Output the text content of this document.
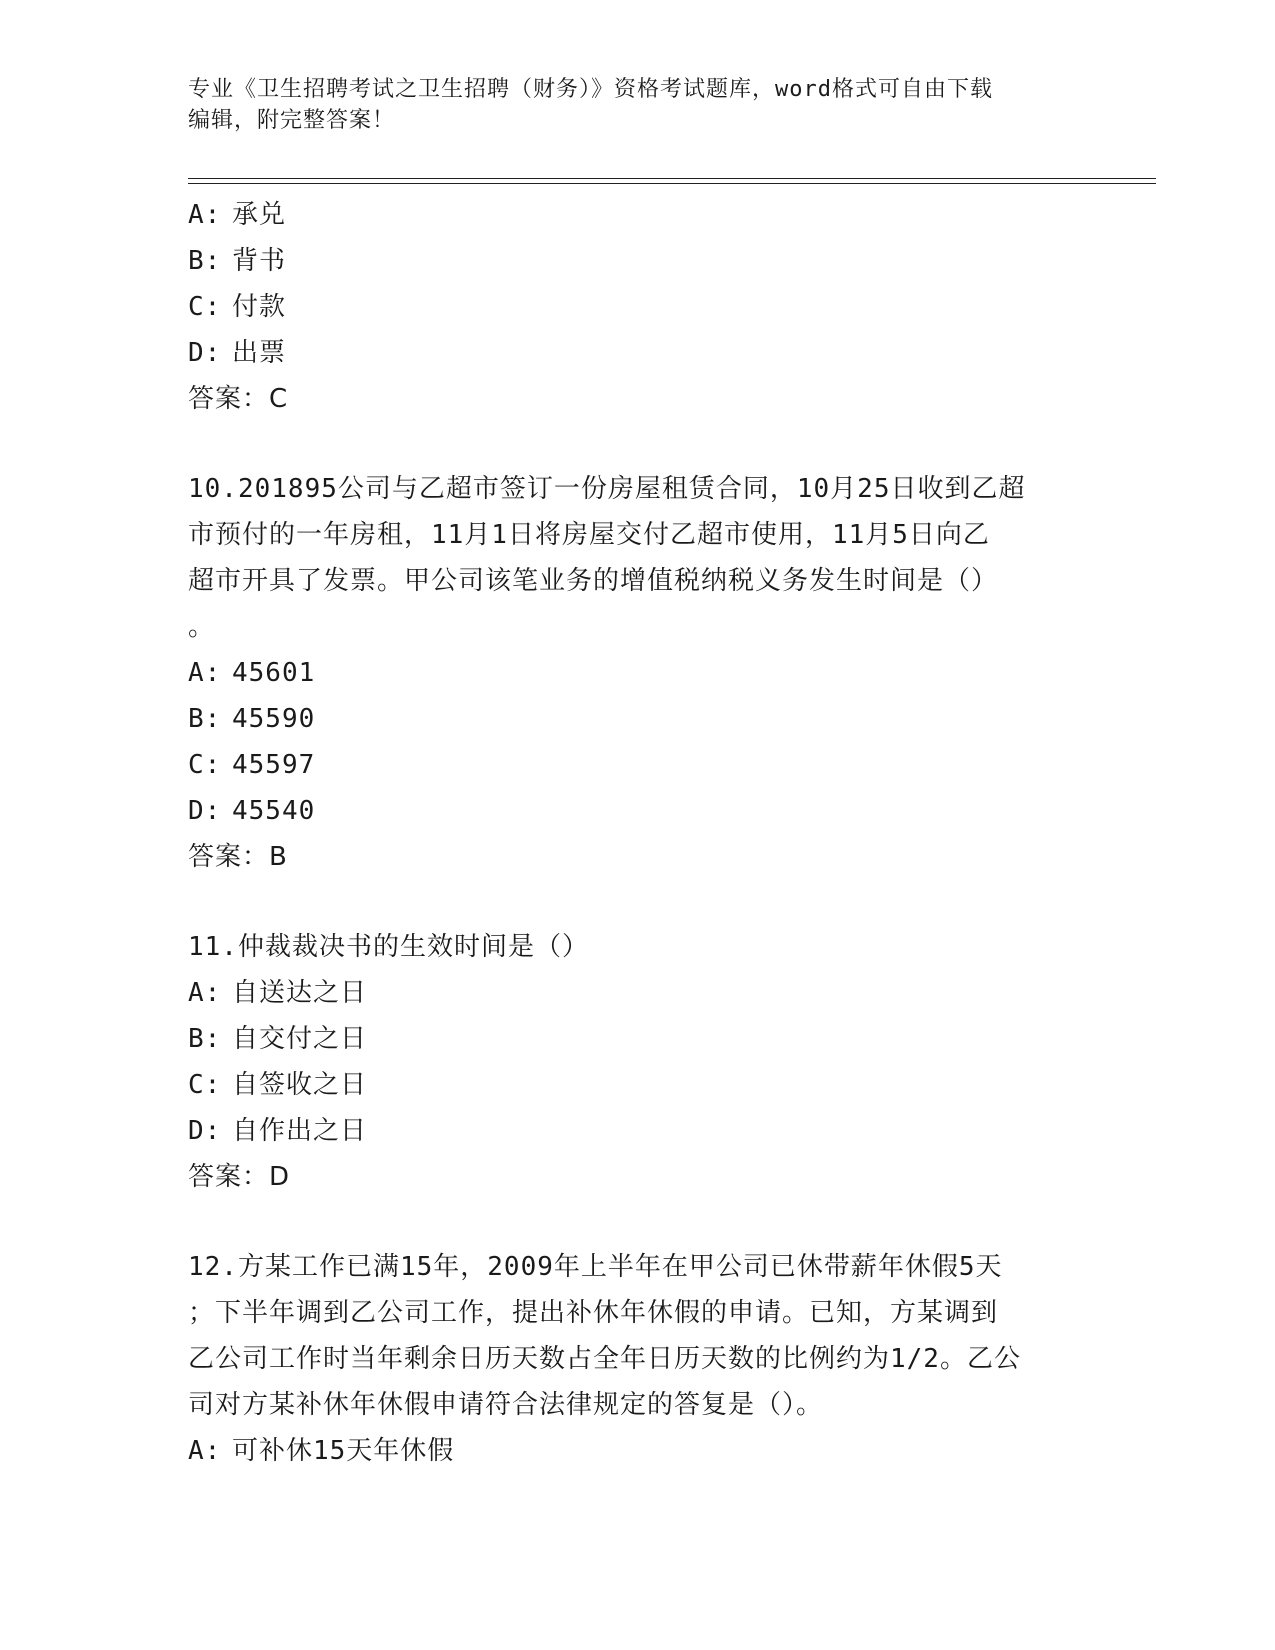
专业《卫生招聘考试之卫生招聘（财务）》资格考试题库，word格式可自由下载
编辑，附完整答案！
A: 承兑
B: 背书
C: 付款
D: 出票
答案：C
10.201895公司与乙超市签订一份房屋租赁合同，10月25日收到乙超
市预付的一年房租，11月1日将房屋交付乙超市使用，11月5日向乙
超市开具了发票。甲公司该笔业务的增值税纳税义务发生时间是（）
。
A: 45601
B: 45590
C: 45597
D: 45540
答案：B
11.仲裁裁决书的生效时间是（）
A: 自送达之日
B: 自交付之日
C: 自签收之日
D: 自作出之日
答案：D
12.方某工作已满15年，2009年上半年在甲公司已休带薪年休假5天
；下半年调到乙公司工作，提出补休年休假的申请。已知，方某调到
乙公司工作时当年剩余日历天数占全年日历天数的比例约为1/2。乙公
司对方某补休年休假申请符合法律规定的答复是（）。
A: 可补休15天年休假
